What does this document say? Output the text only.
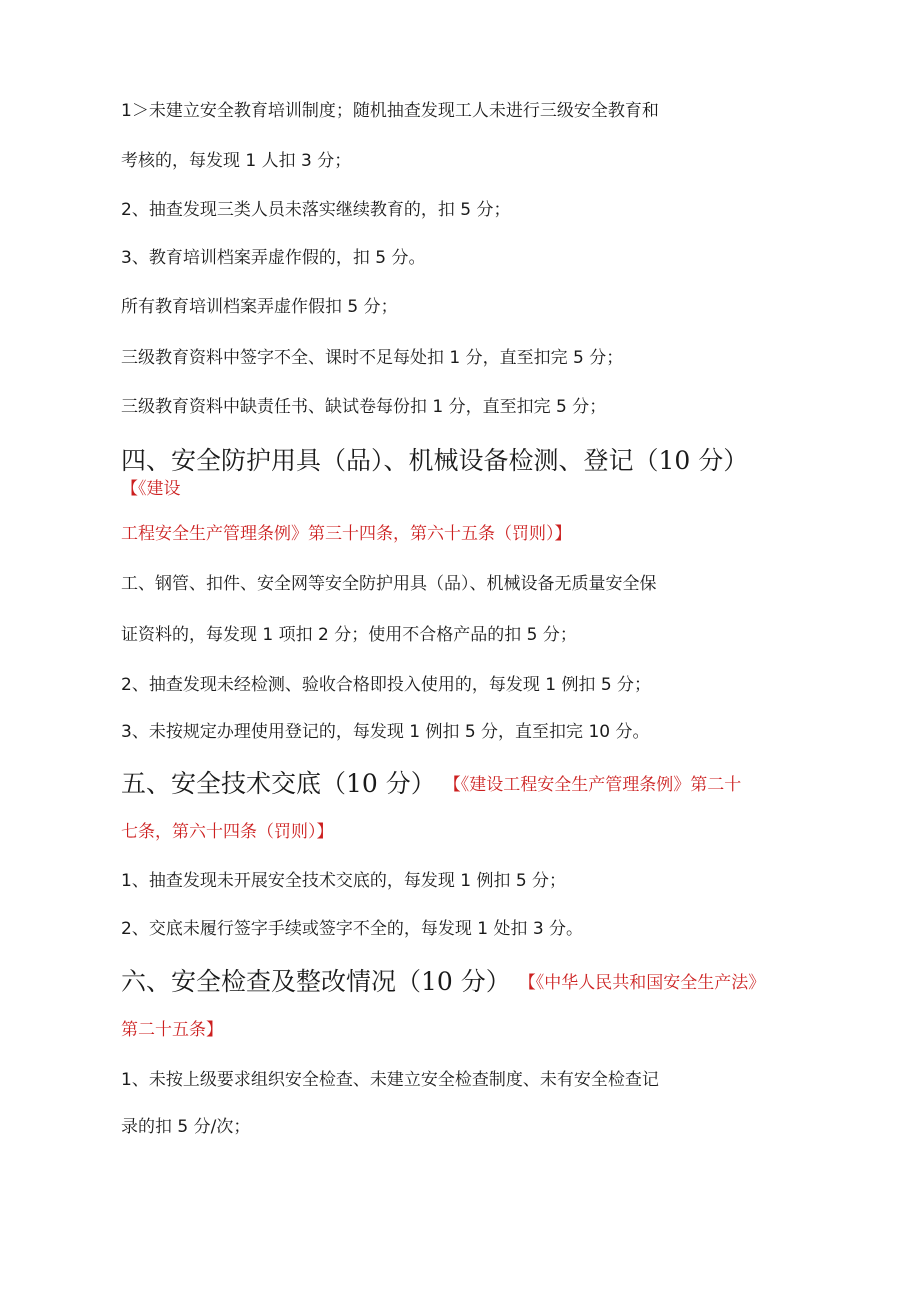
1＞未建立安全教育培训制度；随机抽查发现工人未进行三级安全教育和
考核的，每发现 1 人扣 3 分；
2、抽查发现三类人员未落实继续教育的，扣 5 分；
3、教育培训档案弄虚作假的，扣 5 分。
所有教育培训档案弄虚作假扣 5 分；
三级教育资料中签字不全、课时不足每处扣 1 分，直至扣完 5 分；
三级教育资料中缺责任书、缺试卷每份扣 1 分，直至扣完 5 分；
四、安全防护用具（品）、机械设备检测、登记（10 分）
【《建设
工程安全生产管理条例》第三十四条，第六十五条（罚则）】
工、钢管、扣件、安全网等安全防护用具（品）、机械设备无质量安全保
证资料的，每发现 1 项扣 2 分；使用不合格产品的扣 5 分；
2、抽查发现未经检测、验收合格即投入使用的，每发现 1 例扣 5 分；
3、未按规定办理使用登记的，每发现 1 例扣 5 分，直至扣完 10 分。
五、安全技术交底（10 分） 【《建设工程安全生产管理条例》第二十
七条，第六十四条（罚则）】
1、抽查发现未开展安全技术交底的，每发现 1 例扣 5 分；
2、交底未履行签字手续或签字不全的，每发现 1 处扣 3 分。
六、安全检查及整改情况（10 分） 【《中华人民共和国安全生产法》
第二十五条】
1、未按上级要求组织安全检查、未建立安全检查制度、未有安全检查记
录的扣 5 分/次；
